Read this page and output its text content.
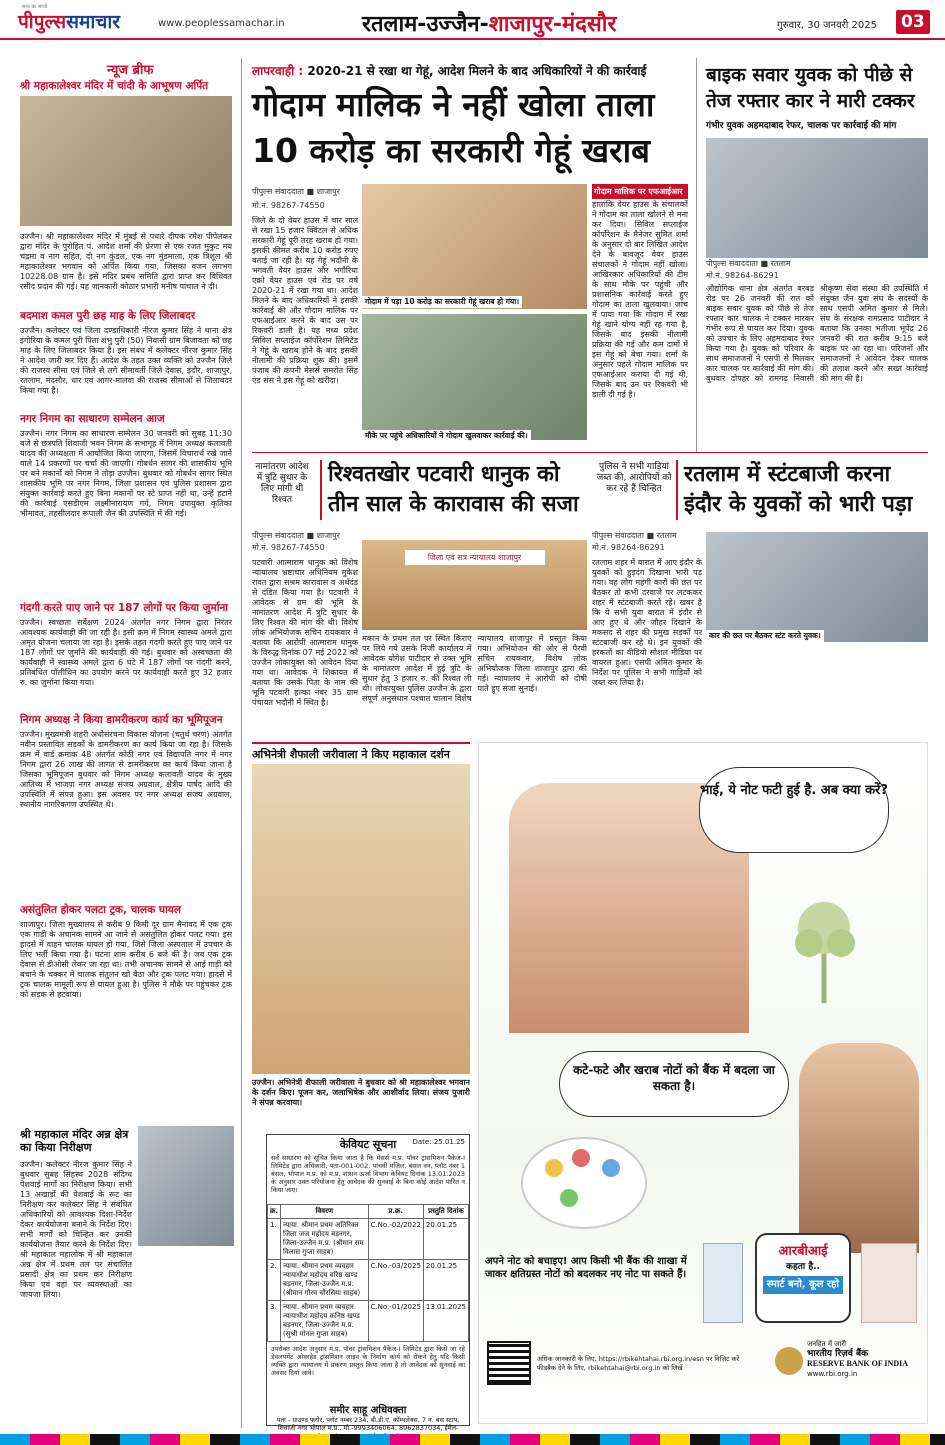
सत्य का साथी
पीपुल्ससमाचार	www.peoplessamachar.in	रतलाम-उज्जैन-शाजापुर-मंदसौर	गुरुवार, 30 जनवरी 2025 03
न्यूज ब्रीफ
श्री महाकालेश्वर मंदिर में चांदी के आभूषण अर्पित
उज्जैन। श्री महाकालेश्वर मंदिर में मुंबई से पधारे दीपक रमेश पीपेलकर द्वारा मंदिर के पुरोहित पं. आदेश शर्मा की प्रेरणा से एक रजत मुकुट मय चंद्रमा व नाग सहित, दो नग कुंडल, एक नग मुंडमाला, एक त्रिशूल श्री महाकालेश्वर भगवान को अर्पित किया गया, जिसका वजन लगभग 10228.08 ग्राम है। इसे मंदिर प्रबंध समिति द्वारा प्राप्त कर विधिवत रसीद प्रदान की गई। यह जानकारी कोठार प्रभारी मनीष पांचाल ने दी।
बदमाश कमल पुरी छह माह के लिए जिलाबदर
उज्जैन। कलेक्टर एवं जिला दण्डाधिकारी नीरज कुमार सिंह ने थाना क्षेत्र इंगोरिया के कमल पुरी पिता शंभु पुरी (50) निवासी ग्राम बिजावता को छह माह के लिए जिलाबदर किया है। इस संबंध में कलेक्टर नीरज कुमार सिंह ने आदेश जारी कर दिए हैं। आदेश के तहत उक्त व्यक्ति को उज्जैन जिले की राजस्व सीमा एवं जिले से लगे सीमावर्ती जिले देवास, इंदौर, शाजापुर, रतलाम, मंदसौर, धार एवं आगर-मालवा की राजस्व सीमाओं से जिलाबदर किया गया है।
नगर निगम का साधारण सम्मेलन आज
उज्जैन। नगर निगम का साधारण सम्मेलन 30 जनवरी को सुबह 11:30 बजे से छत्रपति शिवाजी भवन निगम के सभागृह में निगम अध्यक्ष कलावती यादव की अध्यक्षता में आयोजित किया जाएगा, जिसमें विचारार्थ रखे जाने वाले 14 प्रकरणों पर चर्चा की जाएगी। गोबर्धन सागर की शासकीय भूमि पर बने मकानों को निगम ने तोड़ा उज्जैन। बुधवार को गोबर्धन सागर स्थित शासकीय भूमि पर नगर निगम, जिला प्रशासन एवं पुलिस प्रशासन द्वारा संयुक्त कार्रवाई करते हुए बिना मकानों पर स्टे प्राप्त नहीं था, उन्हें हटाने की कार्रवाई एसडीएम लक्ष्मीनारायण गर्ग, निगम उपायुक्त कृतिका भीमावत, तहसीलदार रूपाली जैन की उपस्थिति में की गई।
गंदगी करते पाए जाने पर 187 लोगों पर किया जुर्माना
उज्जैन। स्वच्छता सर्वेक्षण 2024 अंतर्गत नगर निगम द्वारा निरंतर आवश्यक कार्यवाही की जा रही है। इसी क्रम में निगम स्वास्थ्य अमले द्वारा अमृत योजना चलाया जा रहा है। इसके तहत गंदगी करते हुए पाए जाने पर 187 लोगों पर जुर्माने की कार्यवाही की गई। बुधवार को अस्वच्छता की कार्यवाही में स्वास्थ्य अमले द्वारा 6 घंटे में 187 लोगों पर गंदगी करने, प्रतिबंधित पॉलीथिन का उपयोग करने पर कार्यवाही करते हुए 32 हजार रु. का जुर्माना किया गया।
निगम अध्यक्ष ने किया डामरीकरण कार्य का भूमिपूजन
उज्जैन। मुख्यमंत्री शहरी अधोसंरचना विकास योजना (चतुर्थ चरण) अंतर्गत नवीन प्रस्तावित सड़कों के डामरीकरण का कार्य किया जा रहा है। जिसके क्रम में वार्ड क्रमांक 48 अंतर्गत कोठी नगर एवं विद्यापति नगर में नगर निगम द्वारा 26 लाख की लागत से डामरीकरण का कार्य किया जाना है जिसका भूमिपूजन बुधवार को निगम अध्यक्ष कलावती यादव के मुख्य आतिथ्य में भाजपा नगर अध्यक्ष संजय अग्रवाल, क्षेत्रीय पार्षद आदि की उपस्थिति में संपन्न हुआ। इस अवसर पर नगर अध्यक्ष संजय अग्रवाल, स्थानीय नागरिकगण उपस्थित थे।
असंतुलित होकर पलटा ट्रक, चालक घायल
शाजापुर। जिला मुख्यालय से करीब 9 किमी दूर ग्राम मैनावद में एक ट्रक एक गाड़ी के अचानक सामने आ जाने से असंतुलित होकर पलट गया। इस हादसे में वाहन चालक घायल हो गया, जिसे जिला अस्पताल में उपचार के लिए भर्ती किया गया है। घटना शाम करीब 6 बजे की है। जब एक ट्रक देवास से डीओसी लेकर जा रहा था। तभी अचानक सामने से आई गाड़ी को बचाने के चक्कर में चालक संतुलन खो बैठा और ट्रक पलट गया। हादसे में ट्रक चालक मामूली रूप से घायल हुआ है। पुलिस ने मौके पर पहुंचकर ट्रक को सड़क से हटवाया।
श्री महाकाल मंदिर अन्न क्षेत्र का किया निरीक्षण
उज्जैन। कलेक्टर नीरज कुमार सिंह ने बुधवार सुबह सिंहस्थ 2028 संदिग्ध पेशवाई मार्गों का निरीक्षण किया। सभी 13 अखाड़ों की पेशवाई के रूट का निरीक्षण कर कलेक्टर सिंह ने संबंधित अधिकारियों को आवश्यक दिशा-निर्देश देकर कार्ययोजना बनाने के निर्देश दिए। सभी मार्गों को चिन्हित कर उनकी कार्ययोजना तैयार करने के निर्देश दिए। श्री महाकाल महालोक में श्री महाकाल अन्न क्षेत्र में प्रथम तल पर संचालित प्रसादी क्षेत्र का प्रथम कर निरीक्षण किया एवं वहां पर व्यवस्थाओं का जायजा लिया।
लापरवाही : 2020-21 से रखा था गेहूं, आदेश मिलने के बाद अधिकारियों ने की कार्रवाई
गोदाम मालिक ने नहीं खोला ताला 10 करोड़ का सरकारी गेहूं खराब
पीपुल्स संवाददाता ■ शाजापुर
मो.नं. 98267-74550
जिले के दो वेयर हाउस में चार साल से रखा 15 हजार क्विंटल से अधिक सरकारी गेहूं पूरी तरह खराब हो गया। इसकी कीमत करीब 10 करोड़ रुपए बताई जा रही है। यह गेहूं भदौनी के भगवती वेयर हाउस और भगौरिया एक्रो वेयर हाउस एवं रोड पर वर्ष 2020-21 में रखा गया था। आदेश मिलने के बाद अधिकारियों ने इसकी कार्रवाई की और गोदाम मालिक पर एफआईआर करने के बाद उस पर रिकवरी डाली है। यह मध्य प्रदेश सिविल सप्लाईज कॉर्पोरेशन लिमिटेड ने गेहूं के खराब होने के बाद इसकी नीलामी की प्रक्रिया शुरू की। इसमें पंजाब की कंपनी मेसर्स समरोत सिंह एंड संस ने इस गेहूं को खरीदा।
गोदाम में पड़ा 10 करोड़ का सरकारी गेहूं खराब हो गया।
मौके पर पहुंचे अधिकारियों ने गोदाम खुलवाकर कार्रवाई की।
गोदाम मालिक पर एफआईआर
हालांकि वेयर हाउस के संचालकों ने गोदाम का ताला खोलने से मना कर दिया। सिविल सप्लाईज कॉर्पोरेशन के मैनेजर सुमित शर्मा के अनुसार दो बार लिखित आदेश देने के बावजूद वेयर हाउस संचालकों ने गोदाम नहीं खोला। आखिरकार अधिकारियों की टीम के साथ मौके पर पहुंची और प्रशासनिक कार्रवाई करते हुए गोदाम का ताला खुलवाया। जांच में पाया गया कि गोदाम में रखा गेहूं खाने योग्य नहीं रह गया है, जिसके बाद इसकी नीलामी प्रक्रिया की गई और कम दामों में इस गेहूं को बेचा गया। शर्मा के अनुसार पहले गोदाम मालिक पर एफआईआर कराया दी गई थी, जिसके बाद उन पर रिकवरी भी डाली दी गई है।
बाइक सवार युवक को पीछे से तेज रफ्तार कार ने मारी टक्कर
गंभीर युवक अहमदाबाद रेफर, चालक पर कार्रवाई की मांग
पीपुल्स संवाददाता ■ रतलाम
मो.नं. 98264-86291
औद्योगिक थाना क्षेत्र अंतर्गत बरबड़ रोड पर 26 जनवरी की रात को बाइक सवार युवक को पीछे से तेज रफ्तार कार चालक ने टक्कर मारकर गंभीर रूप से घायल कर दिया। युवक को उपचार के लिए अहमदाबाद रेफर किया गया है। युवक को परिवार के साथ समाजजनों ने एसपी से मिलकर कार चालक पर कार्रवाई की मांग की। बुधवार दोपहर को रामगढ़ निवासी श्रीकृष्ण सेवा संस्था की उपस्थिति में संयुक्त जैन युवा संघ के सदस्यों के साथ एसपी अमित कुमार से मिले। संघ के संरक्षक रामप्रसाद पाटीदार ने बताया कि उनका भतीजा भूपेंद्र 26 जनवरी की रात करीब 9:15 बजे बाइक पर आ रहा था। परिजनों और समाजजनों ने आवेदन देकर चालक की तलाश करने और सख्त कार्रवाई की मांग की है।
नामांतरण आदेश में त्रुटि सुधार के लिए मांगी थी रिश्वत
रिश्वतखोर पटवारी धानुक को तीन साल के कारावास की सजा
पीपुल्स संवाददाता ■ शाजापुर
मो.नं. 98267-74550
पटवारी आत्माराम धानुक को विशेष न्यायालय भ्रष्टाचार अधिनियम मुकेश रावत द्वारा सश्रम कारावास व अर्थदंड से दंडित किया गया है। पटवारी ने आवेदक से ग्रम की भूमि के नामांतरण आदेश में त्रुटि सुधार के लिए रिश्वत की मांग की थी। विशेष लोक अभियोजक सचिन रायकवार ने बताया कि आरोपी आत्माराम धानुक के विरुद्ध दिनांक 07 मई 2022 को उज्जैन लोकायुक्त को आवेदन दिया गया था। आवेदक ने शिकायत में बताया कि उसके पिता के नाम की भूमि पटवारी हल्का नंबर 35 ग्राम पंचायत भदौनी में स्थित है।
जिला एवं सत्र न्यायालय शाजापुर
मकान के प्रथम तल पर स्थित किराए पर लिये गये उसके निजी कार्यालय में आवेदक योगेश पाटीदार से उक्त भूमि के नामांतरण आदेश में हुई त्रुटि के सुधार हेतु 3 हजार रु. की रिश्वत ली थी। लोकायुक्त पुलिस उज्जैन के द्वारा संपूर्ण अनुसंधान पश्चात चालान विशेष न्यायालय शाजापुर में प्रस्तुत किया गया। अभियोजन की ओर से पैरवी सचिन रायकवार, विशेष लोक अभियोजक जिला शाजापुर द्वारा की गई। न्यायालय ने आरोपी को दोषी पाते हुए सजा सुनाई।
पुलिस ने सभी गाड़ियां जब्त की, आरोपियों को कर रहे हैं चिन्हित
रतलाम में स्टंटबाजी करना इंदौर के युवकों को भारी पड़ा
पीपुल्स संवाददाता ■ रतलाम
मो.नं. 98264-86291
रतलाम शहर में बारात में आए इंदौर के युवकों को हुड़दंग दिखाना भारी पड़ गया। वह लोग महंगी कारों की छत पर बैठकर तो कभी दरवाजे पर लटककर शहर में स्टंटबाजी करते रहे। खबर है कि ये सभी युवा बारात में इंदौर से आए हुए थे और जौहर दिखाने के मकसद से शहर की प्रमुख सड़कों पर स्टंटबाजी कर रहे थे। इन युवकों की हरकतों का वीडियो सोशल मीडिया पर वायरल हुआ। एसपी अमित कुमार के निर्देश पर पुलिस ने सभी गाड़ियों को जब्त कर लिया है।
कार की छत पर बैठकर स्टंट करते युवक।
अभिनेत्री शैफाली जरीवाला ने किए महाकाल दर्शन
उज्जैन। अभिनेत्री शैफाली जरीवाला ने बुधवार को श्री महाकालेश्वर भगवान के दर्शन किए। पूजन कर, जलाभिषेक और आशीर्वाद लिया। संजय पुजारी ने संपन्न करवाया।
केवियट सूचना	Date: 25.01.25
सर्व साधारण को सूचित किया जाता है कि मेसर्स म.प्र. पॉवर ट्रांसमिशन पैकेज-I लिमिटेड द्वारा अधिकारी, पता-001-002, पांचवीं मंजिल, बंसल वन, प्लॉट नंबर 1 बंसल, भोपाल म.प्र. को म.प्र. शासन ऊर्जा विभाग केवियट दिनांक 13.01.2023 के अनुसार उक्त परियोजना हेतु आवेदक की सुनवाई के बिना कोई आदेश पारित न किया जाए।
क्र.	विवरण	प्र.क्र.	प्रस्तुति दिनांक
1.	न्याया. श्रीमान प्रथम अतिरिक्त जिला जज महोदय बड़नगर, जिला-उज्जैन म.प्र. (श्रीमान सम विलास गुप्ता साहब)	C.No.-02/2022	20.01.25
2.	न्याया. श्रीमान प्रथम व्यवहार न्यायाधीश महोदय वरिष्ठ खण्ड बड़नगर, जिला-उज्जैन म.प्र. (श्रीमान गौरव चौरसिया साहब)	C.No.-03/2025	20.01.25
3.	न्याया. श्रीमान प्रथम व्यवहार न्यायाधीश महोदय कनिष्ठ खण्ड बड़नगर, जिला-उज्जैन म.प्र. (सुश्री मोनल गुप्ता साहब)	C.No.-01/2025	13.01.2025
उपरोक्त आदेश अनुसार म.प्र. पॉवर ट्रांसमिशन पैकेज-I लिमिटेड द्वारा किसे जा रहे डेवलपमेंट ओवरहेड ट्रांसमिशन लाइन के निर्माण कार्य को रोकने हेतु यदि किसी व्यक्ति द्वारा न्यायालय में प्रकरण प्रस्तुत किया जाता है तो आवेदक को सुनवाई का अवसर दिया जावे।
समीर साहू अधिवक्ता
पता - ग्राउण्ड फ्लोर, प्लॉट नम्बर 234, बी.डी.ए. कॉम्पलेक्स, 7 न. बस स्टाप, शिवाजी नगर भोपाल म.प्र., मो.-9993406064, 8962837034, ईमेल-
भाई, ये नोट फटी हुई है. अब क्या करें?
कटे-फटे और खराब नोटों को बैंक में बदला जा सकता है।
अपने नोट को बचाइए! आप किसी भी बैंक की शाखा में जाकर क्षतिग्रस्त नोटों को बदलकर नए नोट पा सकते हैं।
आरबीआई
कहता है..
स्मार्ट बनो, कूल रहो
अधिक जानकारी के लिए, https://rbikehtahai.rbi.org.in/esn पर विजिट करें
फीडबैक देने के लिए, rbikehtahai@rbi.org.in को लिखें
जनहित में जारी
भारतीय रिज़र्व बैंक
RESERVE BANK OF INDIA
www.rbi.org.in
